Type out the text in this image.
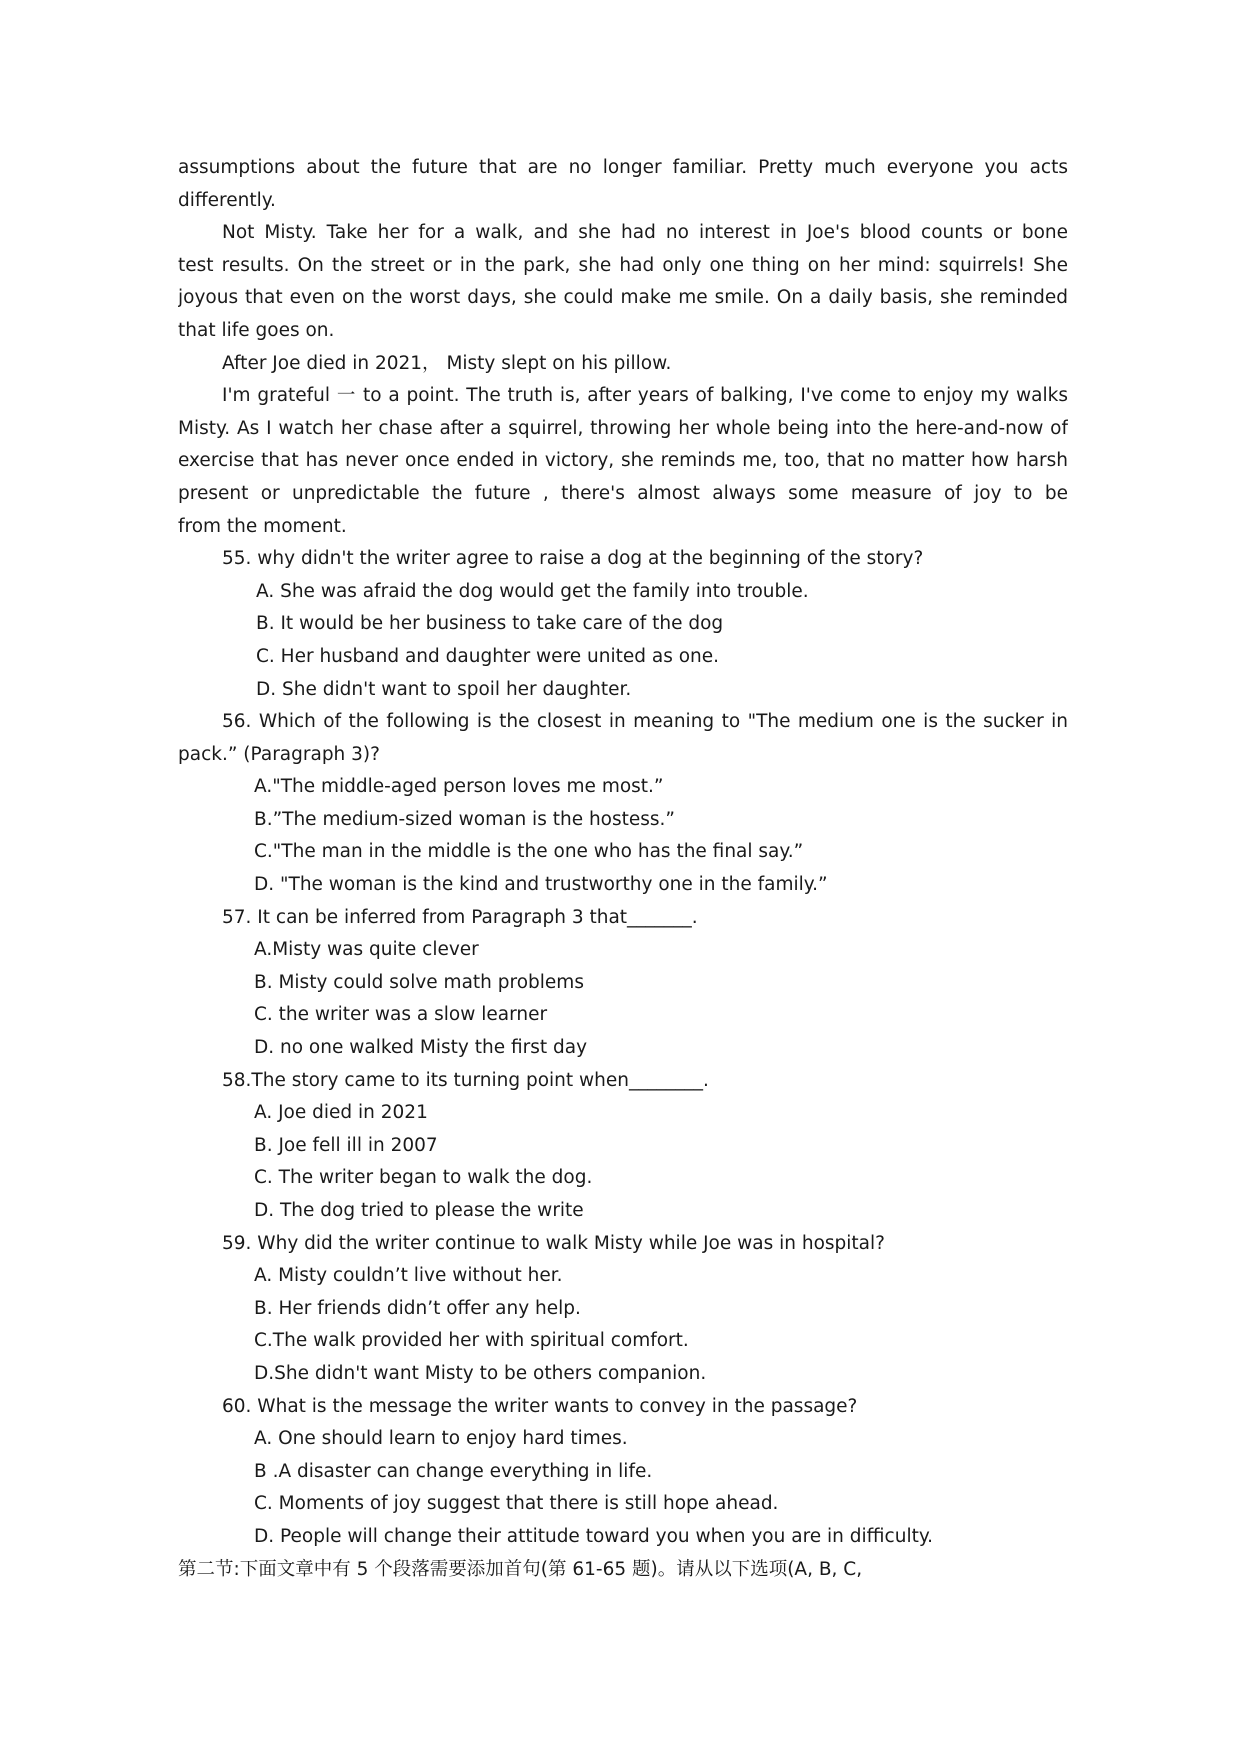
assumptions about the future that are no longer familiar. Pretty much everyone you acts
differently.
Not Misty. Take her for a walk, and she had no interest in Joe's blood counts or bone
test results. On the street or in the park, she had only one thing on her mind: squirrels! She
joyous that even on the worst days, she could make me smile. On a daily basis, she reminded
that life goes on.
After Joe died in 2021， Misty slept on his pillow.
I'm grateful 一 to a point. The truth is, after years of balking, I've come to enjoy my walks
Misty. As I watch her chase after a squirrel, throwing her whole being into the here-and-now of
exercise that has never once ended in victory, she reminds me, too, that no matter how harsh
present or unpredictable the future , there's almost always some measure of joy to be
from the moment.
55. why didn't the writer agree to raise a dog at the beginning of the story?
A. She was afraid the dog would get the family into trouble.
B. It would be her business to take care of the dog
C. Her husband and daughter were united as one.
D. She didn't want to spoil her daughter.
56. Which of the following is the closest in meaning to "The medium one is the sucker in
pack.” (Paragraph 3)?
A."The middle-aged person loves me most.”
B.”The medium-sized woman is the hostess.”
C."The man in the middle is the one who has the final say.”
D. "The woman is the kind and trustworthy one in the family.”
57. It can be inferred from Paragraph 3 that_______.
A.Misty was quite clever
B. Misty could solve math problems
C. the writer was a slow learner
D. no one walked Misty the first day
58.The story came to its turning point when________.
A. Joe died in 2021
B. Joe fell ill in 2007
C. The writer began to walk the dog.
D. The dog tried to please the write
59. Why did the writer continue to walk Misty while Joe was in hospital?
A. Misty couldn’t live without her.
B. Her friends didn’t offer any help.
C.The walk provided her with spiritual comfort.
D.She didn't want Misty to be others companion.
60. What is the message the writer wants to convey in the passage?
A. One should learn to enjoy hard times.
B .A disaster can change everything in life.
C. Moments of joy suggest that there is still hope ahead.
D. People will change their attitude toward you when you are in difficulty.
第二节:下面文章中有 5 个段落需要添加首句(第 61-65 题)。请从以下选项(A, B, C,
